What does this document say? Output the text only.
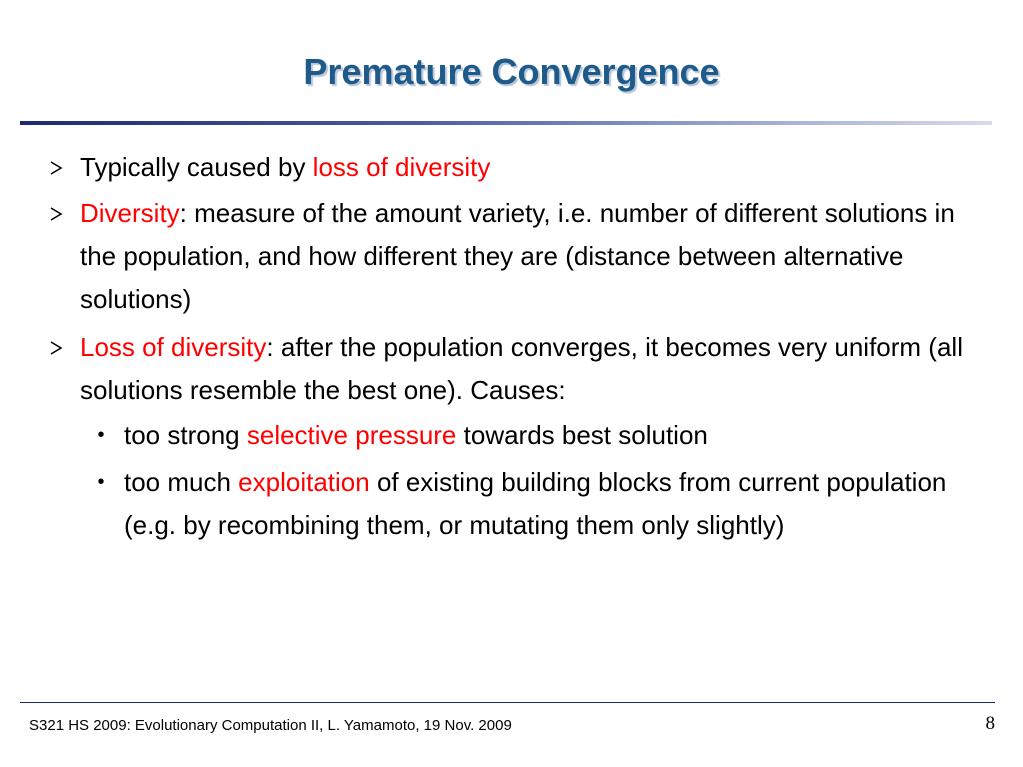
Premature Convergence
Typically caused by loss of diversity
Diversity: measure of the amount variety, i.e. number of different solutions in the population, and how different they are (distance between alternative solutions)
Loss of diversity: after the population converges, it becomes very uniform (all solutions resemble the best one). Causes:
• too strong selective pressure towards best solution
• too much exploitation of existing building blocks from current population (e.g. by recombining them, or mutating them only slightly)
S321 HS 2009: Evolutionary Computation II, L. Yamamoto, 19 Nov. 2009	8
